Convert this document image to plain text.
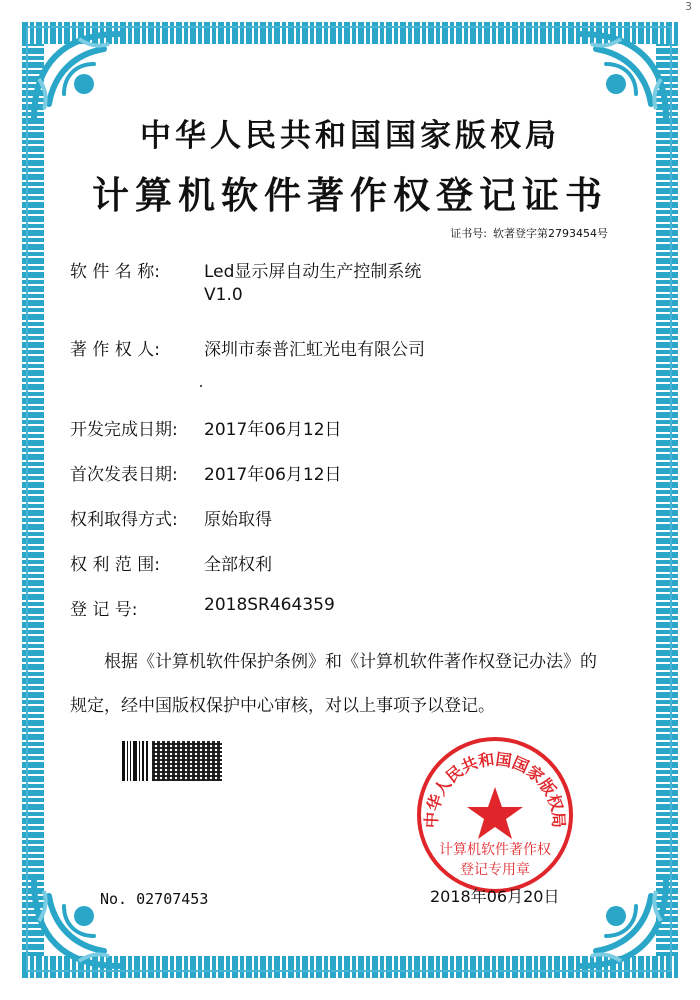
3
中华人民共和国国家版权局
计算机软件著作权登记证书
证书号: 软著登字第2793454号
软 件 名 称:	Led显示屏自动生产控制系统
V1.0
著 作 权 人:	深圳市泰普汇虹光电有限公司
开发完成日期:	2017年06月12日
首次发表日期:	2017年06月12日
权利取得方式:	原始取得
权 利 范 围:	全部权利
登 记 号:	2018SR464359
根据《计算机软件保护条例》和《计算机软件著作权登记办法》的
规定，经中国版权保护中心审核，对以上事项予以登记。
中华人民共和国国家版权局
计算机软件著作权
登记专用章
No. 02707453	2018年06月20日
